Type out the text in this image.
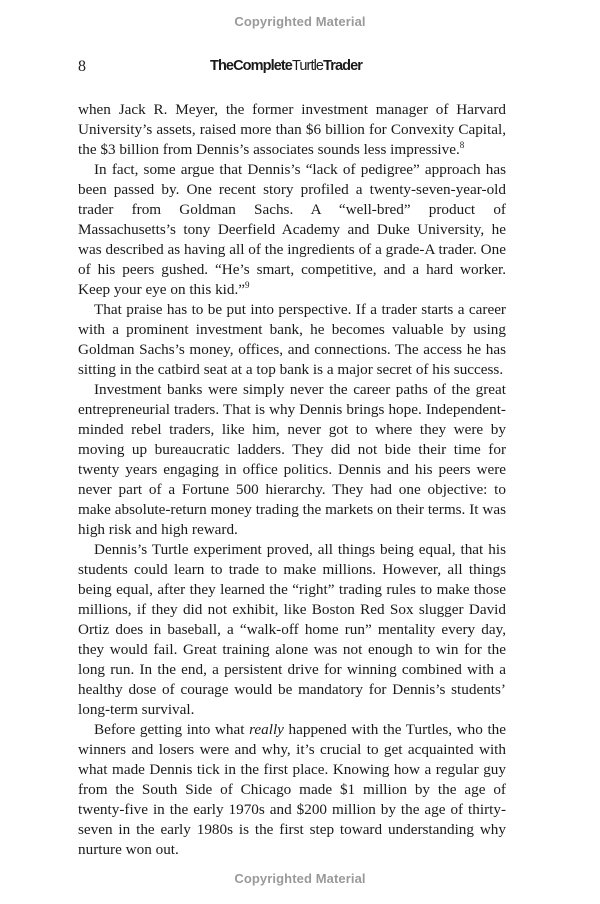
Copyrighted Material
8	TheCompleteTurtleTrader

when Jack R. Meyer, the former investment manager of Harvard University’s assets, raised more than $6 billion for Convexity Capital, the $3 billion from Dennis’s associates sounds less impressive.$^8$

In fact, some argue that Dennis’s “lack of pedigree” approach has been passed by. One recent story profiled a twenty-seven-year-old trader from Goldman Sachs. A “well-bred” product of Massachusetts’s tony Deerfield Academy and Duke University, he was described as having all of the ingredients of a grade-A trader. One of his peers gushed. “He’s smart, competitive, and a hard worker. Keep your eye on this kid.”$^9$

That praise has to be put into perspective. If a trader starts a career with a prominent investment bank, he becomes valuable by using Goldman Sachs’s money, offices, and connections. The access he has sitting in the catbird seat at a top bank is a major secret of his success.

Investment banks were simply never the career paths of the great entrepreneurial traders. That is why Dennis brings hope. Independent-minded rebel traders, like him, never got to where they were by moving up bureaucratic ladders. They did not bide their time for twenty years engaging in office politics. Dennis and his peers were never part of a Fortune 500 hierarchy. They had one objective: to make absolute-return money trading the markets on their terms. It was high risk and high reward.

Dennis’s Turtle experiment proved, all things being equal, that his students could learn to trade to make millions. However, all things being equal, after they learned the “right” trading rules to make those millions, if they did not exhibit, like Boston Red Sox slugger David Ortiz does in baseball, a “walk-off home run” mentality every day, they would fail. Great training alone was not enough to win for the long run. In the end, a persistent drive for winning combined with a healthy dose of courage would be mandatory for Dennis’s students’ long-term survival.

Before getting into what really happened with the Turtles, who the winners and losers were and why, it’s crucial to get acquainted with what made Dennis tick in the first place. Knowing how a regular guy from the South Side of Chicago made $1 million by the age of twenty-five in the early 1970s and $200 million by the age of thirty-seven in the early 1980s is the first step toward understanding why nurture won out.

Copyrighted Material
